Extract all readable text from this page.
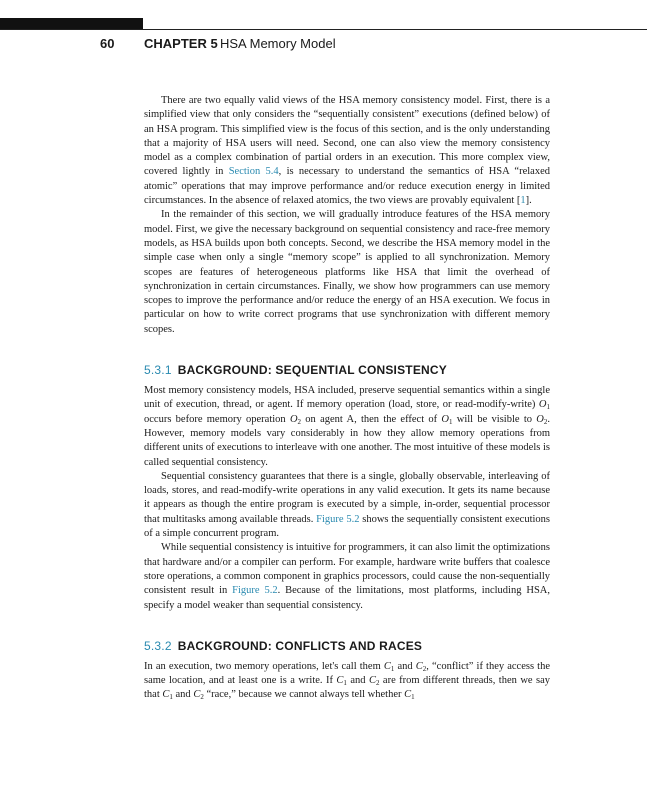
60 CHAPTER 5 HSA Memory Model

There are two equally valid views of the HSA memory consistency model. First, there is a simplified view that only considers the “sequentially consistent” executions (defined below) of an HSA program. This simplified view is the focus of this section, and is the only understanding that a majority of HSA users will need. Second, one can also view the memory consistency model as a complex combination of partial orders in an execution. This more complex view, covered lightly in Section 5.4, is necessary to understand the semantics of HSA “relaxed atomic” operations that may improve performance and/or reduce execution energy in limited circumstances. In the absence of relaxed atomics, the two views are provably equivalent [1].

In the remainder of this section, we will gradually introduce features of the HSA memory model. First, we give the necessary background on sequential consistency and race-free memory models, as HSA builds upon both concepts. Second, we describe the HSA memory model in the simple case when only a single “memory scope” is applied to all synchronization. Memory scopes are features of heterogeneous platforms like HSA that limit the overhead of synchronization in certain circumstances. Finally, we show how programmers can use memory scopes to improve the performance and/or reduce the energy of an HSA execution. We focus in particular on how to write correct programs that use synchronization with different memory scopes.

5.3.1 BACKGROUND: SEQUENTIAL CONSISTENCY

Most memory consistency models, HSA included, preserve sequential semantics within a single unit of execution, thread, or agent. If memory operation (load, store, or read-modify-write) $O_1$ occurs before memory operation $O_2$ on agent A, then the effect of $O_1$ will be visible to $O_2$. However, memory models vary considerably in how they allow memory operations from different units of executions to interleave with one another. The most intuitive of these models is called sequential consistency.

Sequential consistency guarantees that there is a single, globally observable, interleaving of loads, stores, and read-modify-write operations in any valid execution. It gets its name because it appears as though the entire program is executed by a simple, in-order, sequential processor that multitasks among available threads. Figure 5.2 shows the sequentially consistent executions of a simple concurrent program.

While sequential consistency is intuitive for programmers, it can also limit the optimizations that hardware and/or a compiler can perform. For example, hardware write buffers that coalesce store operations, a common component in graphics processors, could cause the non-sequentially consistent result in Figure 5.2. Because of the limitations, most platforms, including HSA, specify a model weaker than sequential consistency.

5.3.2 BACKGROUND: CONFLICTS AND RACES

In an execution, two memory operations, let's call them $C_1$ and $C_2$, “conflict” if they access the same location, and at least one is a write. If $C_1$ and $C_2$ are from different threads, then we say that $C_1$ and $C_2$ “race,” because we cannot always tell whether $C_1$
